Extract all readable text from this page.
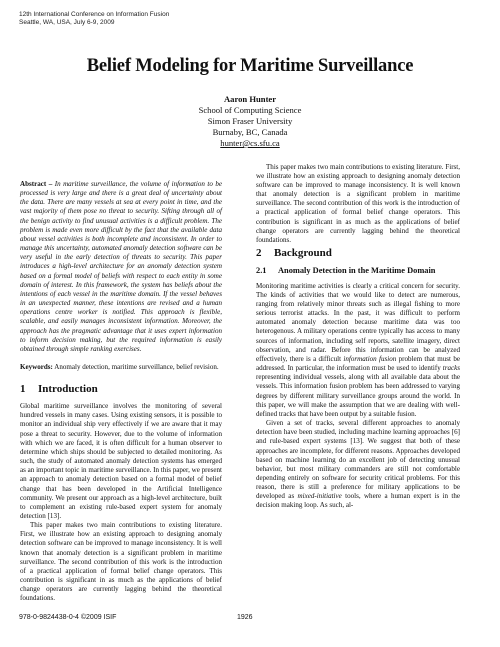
12th International Conference on Information Fusion
Seattle, WA, USA, July 6-9, 2009
Belief Modeling for Maritime Surveillance
Aaron Hunter
School of Computing Science
Simon Fraser University
Burnaby, BC, Canada
hunter@cs.sfu.ca

Abstract – In maritime surveillance, the volume of information to be processed is very large and there is a great deal of uncertainty about the data. There are many vessels at sea at every point in time, and the vast majority of them pose no threat to security. Sifting through all of the benign activity to find unusual activities is a difficult problem. The problem is made even more difficult by the fact that the available data about vessel activities is both incomplete and inconsistent. In order to manage this uncertainty, automated anomaly detection software can be very useful in the early detection of threats to security. This paper introduces a high-level architecture for an anomaly detection system based on a formal model of beliefs with respect to each entity in some domain of interest. In this framework, the system has beliefs about the intentions of each vessel in the maritime domain. If the vessel behaves in an unexpected manner, these intentions are revised and a human operations centre worker is notified. This approach is flexible, scalable, and easily manages inconsistent information. Moreover, the approach has the pragmatic advantage that it uses expert information to inform decision making, but the required information is easily obtained through simple ranking exercises.

Keywords: Anomaly detection, maritime surveillance, belief revision.

1 Introduction

Global maritime surveillance involves the monitoring of several hundred vessels in many cases. Using existing sensors, it is possible to monitor an individual ship very effectively if we are aware that it may pose a threat to security. However, due to the volume of information with which we are faced, it is often difficult for a human observer to determine which ships should be subjected to detailed monitoring. As such, the study of automated anomaly detection systems has emerged as an important topic in maritime surveillance. In this paper, we present an approach to anomaly detection based on a formal model of belief change that has been developed in the Artificial Intelligence community. We present our approach as a high-level architecture, built to complement an existing rule-based expert system for anomaly detection [13].

This paper makes two main contributions to existing literature. First, we illustrate how an existing approach to designing anomaly detection software can be improved to manage inconsistency. It is well known that anomaly detection is a significant problem in maritime surveillance. The second contribution of this work is the introduction of a practical application of formal belief change operators. This contribution is significant in as much as the applications of belief change operators are currently lagging behind the theoretical foundations.

This paper makes two main contributions to existing literature. First, we illustrate how an existing approach to designing anomaly detection software can be improved to manage inconsistency. It is well known that anomaly detection is a significant problem in maritime surveillance. The second contribution of this work is the introduction of a practical application of formal belief change operators. This contribution is significant in as much as the applications of belief change operators are currently lagging behind the theoretical foundations.

2 Background
2.1 Anomaly Detection in the Maritime Domain

Monitoring maritime activities is clearly a critical concern for security. The kinds of activities that we would like to detect are numerous, ranging from relatively minor threats such as illegal fishing to more serious terrorist attacks. In the past, it was difficult to perform automated anomaly detection because maritime data was too heterogenous. A military operations centre typically has access to many sources of information, including self reports, satellite imagery, direct observation, and radar. Before this information can be analyzed effectively, there is a difficult information fusion problem that must be addressed. In particular, the information must be used to identify tracks representing individual vessels, along with all available data about the vessels. This information fusion problem has been addressed to varying degrees by different military surveillance groups around the world. In this paper, we will make the assumption that we are dealing with well-defined tracks that have been output by a suitable fusion.

Given a set of tracks, several different approaches to anomaly detection have been studied, including machine learning approaches [6] and rule-based expert systems [13]. We suggest that both of these approaches are incomplete, for different reasons. Approaches developed based on machine learning do an excellent job of detecting unusual behavior, but most military commanders are still not comfortable depending entirely on software for security critical problems. For this reason, there is still a preference for military applications to be developed as mixed-initiative tools, where a human expert is in the decision making loop. As such, al-

978-0-9824438-0-4 ©2009 ISIF	1926
